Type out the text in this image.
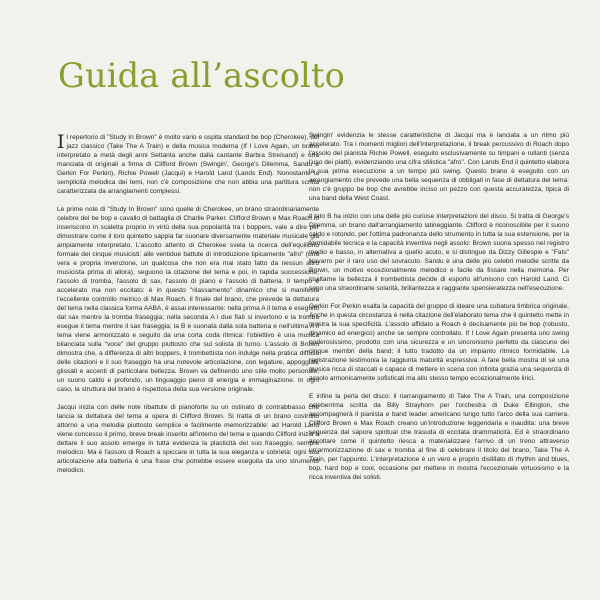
Guida all’ascolto

Il repertorio di "Study In Brown" è molto vario e ospita standard be bop (Cherokee), del jazz classico (Take The A Train) e della musica moderna (If I Love Again, un brano interpretato a metà degli anni Settanta anche dalla cantante Barbra Streisand) e una manciata di originali a firma di Clifford Brown (Swingin', George's Dilemma, Sandu e Gerkin For Perkin), Richie Powell (Jacqui) e Harold Land (Lands End). Nonostante la semplicità melodica dei temi, non c'è composizione che non abbia una partitura scritta caratterizzata da arrangiamenti complessi.

Le prime note di "Study In Brown" sono quelle di Cherokee, un brano straordinariamente celebre del be bop e cavallo di battaglia di Charlie Parker. Clifford Brown e Max Roach lo inseriscono in scaletta proprio in virtù della sua popolarità tra i boppers, vale a dire per dimostrare come il loro quintetto sappia far suonare diversamente materiale musicale già ampiamente interpretato. L'ascolto attento di Cherokee svela la ricerca dell'equilibrio formale dei cinque musicisti: alle ventidue battute di introduzione tipicamente "afro" (una vera e propria invenzione, un qualcosa che non era mai stato fatto da nessun altro musicista prima di allora), seguono la citazione del tema e poi, in rapida successione, l'assolo di tromba, l'assolo di sax, l'assolo di piano e l'assolo di batteria. Il tempo è accelerato ma non eccitato: è in questo "rilassamento" dinamico che si manifesta l'eccellente controllo metrico di Max Roach. Il finale del brano, che prevede la dettatura del tema nella classica forma AABA, è assai interessante: nella prima A il tema è eseguito dal sax mentre la tromba fraseggia; nella seconda A i due fiati si invertono e la tromba esegue il tema mentre il sax fraseggia; la B è suonata dalla sola batteria e nell'ultima A il tema viene armonizzato e seguito da una corta coda ritmica: l'obiettivo è una musica bilanciata sulla "voce" del gruppo piuttosto che sul solista di turno. L'assolo di Brown dimostra che, a differenza di altri boppers, il trombettista non indulge nella pratica diffusa delle citazioni e il suo fraseggio ha una notevole articolazione, con legature, appoggiati, glissati e accenti di particolare bellezza. Brown va definendo uno stile molto personale, un suono caldo e profondo, un linguaggio pieno di energia e immaginazione. In ogni caso, la struttura del brano è rispettosa della sua versione originale.

Jacqui inizia con delle note ribattute di pianoforte su un ostinato di contrabbasso che lancia la dettatura del tema a opera di Clifford Brown. Si tratta di un brano costruito attorno a una melodia piuttosto semplice e facilmente memorizzabile: ad Harold Land viene concesso il primo, breve break inserito all'interno del tema e quando Clifford inizia a dettare il suo assolo emerge in tutta evidenza la plasticità del suo fraseggio, sempre melodico. Ma è l'assolo di Roach a spiccare in tutta la sua eleganza e sobrietà: ogni sua articolazione alla batteria è una frase che potrebbe essere eseguita da uno strumento melodico.

Swingin' evidenzia le stesse caratteristiche di Jacqui ma è lanciata a un ritmo più accelerato. Tra i momenti migliori dell'interpretazione, il break percussivo di Roach dopo l'assolo del pianista Richie Powell, eseguito esclusivamente su timpani e rullanti (senza l'uso dei piatti), evidenziando una cifra stilistica "afro". Con Lands End il quintetto elabora la sua prima esecuzione a un tempo più swing. Questo brano è eseguito con un arrangiamento che prevede una bella sequenza di obbligati in fase di dettatura del tema: non c'è gruppo be bop che avrebbe inciso un pezzo con questa accuratezza, tipica di una band della West Coast.

Il lato B ha inizio con una delle più curiose interpretazioni del disco. Si tratta di George's Dilemma, un brano dall'arrangiamento latineggiante. Clifford è riconoscibile per il suono caldo e rotondo, per l'ottima padronanza dello strumento in tutta la sua estensione, per la formidabile tecnica e la capacità inventiva negli assolo: Brown suona spesso nel registro medio e basso, in alternativa a quello acuto, e si distingue da Dizzy Gillespie e "Fats" Navarro per il raro uso del sovracuto. Sandu è una delle più celebri melodie scritte da Brown, un motivo eccezionalmente melodico e facile da fissare nella memoria. Per risaltarne la bellezza il trombettista decide di esporlo all'unisono con Harold Land. Ci sono una straordinarie solarità, brillantezza e raggiante spensieratezza nell'esecuzione.

Gerkin For Perkin esalta la capacità del gruppo di ideare una cubatura timbrica originale. Anche in questa circostanza è nella citazione dell'elaborato tema che il quintetto mette in mostra la sua specificità. L'assolo affidato a Roach è decisamente più be bop (robusto, dinamico ed energico) anche se sempre controllato. If I Love Again presenta uno swing poderosissimo, prodotto con una sicurezza e un sincronismo perfetto da ciascuno dei cinque membri della band; il tutto tradotto da un impianto ritmico formidabile. La registrazione testimonia la raggiunta maturità espressiva. A fare bella mostra di sé una musica ricca di staccati e capace di mettere in scena con infinita grazia una sequenza di assolo armonicamente sofisticati ma allo stesso tempo eccezionalmente lirici.

E infine la perla del disco: il riarrangiamento di Take The A Train, una composizione celeberrima scritta da Billy Strayhorn per l'orchestra di Duke Ellington, che accompagnerà il pianista e band leader americano lungo tutto l'arco della sua carriera. Clifford Brown e Max Roach creano un'introduzione leggendaria e inaudita: una breve sequenza dal sapore spiritual che trasuda di eccitata drammaticità. Ed è straordinario ascoltare come il quintetto riesca a materializzare l'arrivo di un treno attraverso un'armonizzazione di sax e tromba al fine di celebrare il titolo del brano, Take The A Train, per l'appunto. L'interpretazione è un vero e proprio distillato di rhythm and blues, bop, hard bop e cool, occasione per mettere in mostra l'eccezionale virtuosismo e la ricca inventiva dei solisti.
